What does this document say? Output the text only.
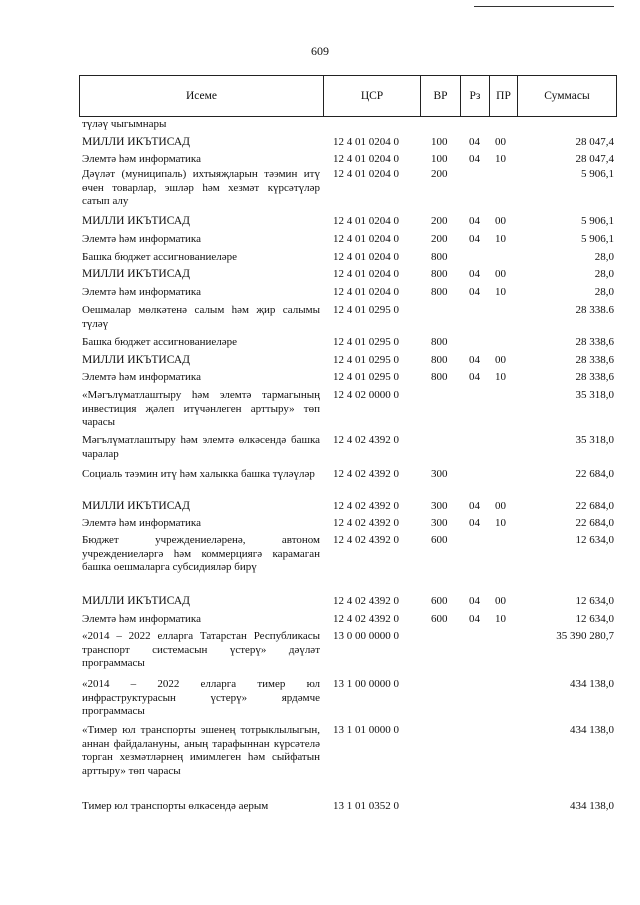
609
Исеме	ЦСР	ВР	Рз	ПР	Суммасы
түләү чыгымнары
МИЛЛИ ИКЪТИСАД	12 4 01 0204 0	100 04 00	28 047,4
Элемтә һәм информатика	12 4 01 0204 0	100 04 10	28 047,4
Дәүләт (муниципаль) ихтыяҗларын тәэмин итү өчен товарлар, эшләр һәм хезмәт күрсәтүләр сатып алу
12 4 01 0204 0	200	5 906,1
МИЛЛИ ИКЪТИСАД	12 4 01 0204 0	200 04 00	5 906,1
Элемтә һәм информатика	12 4 01 0204 0	200 04 10	5 906,1
Башка бюджет ассигнованиеләре	12 4 01 0204 0	800	28,0
МИЛЛИ ИКЪТИСАД	12 4 01 0204 0	800 04 00	28,0
Элемтә һәм информатика	12 4 01 0204 0	800 04 10	28,0
Оешмалар мөлкәтенә салым һәм җир салымы түләү
12 4 01 0295 0	28 338.6
Башка бюджет ассигнованиеләре	12 4 01 0295 0	800	28 338,6
МИЛЛИ ИКЪТИСАД	12 4 01 0295 0	800 04 00	28 338,6
Элемтә һәм информатика	12 4 01 0295 0	800 04 10	28 338,6
«Мәгълүматлаштыру һәм элемтә тармагының инвестиция җәлеп итүчәнлеген арттыру» төп чарасы
12 4 02 0000 0	35 318,0
Мәгълүматлаштыру һәм элемтә өлкәсендә башка чаралар
12 4 02 4392 0	35 318,0
Социаль тәэмин итү һәм халыкка башка түләүләр	12 4 02 4392 0	300	22 684,0
МИЛЛИ ИКЪТИСАД	12 4 02 4392 0	300 04 00	22 684,0
Элемтә һәм информатика	12 4 02 4392 0	300 04 10	22 684,0
Бюджет учреждениеләренә, автоном учреждениеләргә һәм коммерциягә карамаган башка оешмаларга субсидияләр бирү
12 4 02 4392 0	600	12 634,0
МИЛЛИ ИКЪТИСАД	12 4 02 4392 0	600 04 00	12 634,0
Элемтә һәм информатика	12 4 02 4392 0	600 04 10	12 634,0
«2014 – 2022 елларга Татарстан Республикасы транспорт системасын үстерү» дәүләт программасы
13 0 00 0000 0	35 390 280,7
«2014 – 2022 елларга тимер юл инфраструктурасын үстерү» ярдәмче программасы
13 1 00 0000 0	434 138,0
«Тимер юл транспорты эшенең тотрыклылыгын, аннан файдалануны, аның тарафыннан күрсәтелә торган хезмәтләрнең имимлеген һәм сыйфатын арттыру» төп чарасы
13 1 01 0000 0	434 138,0
Тимер юл транспорты өлкәсендә аерым	13 1 01 0352 0	434 138,0
